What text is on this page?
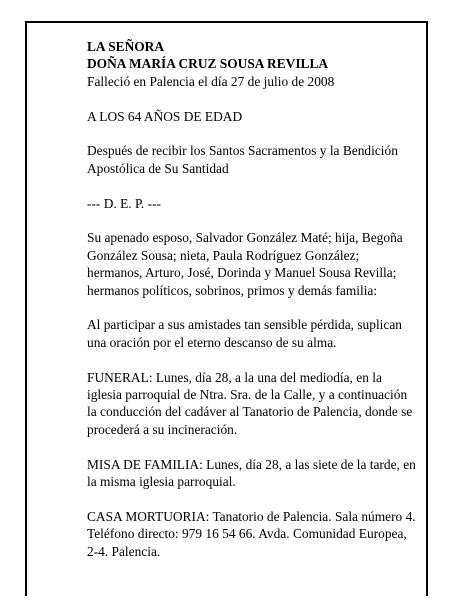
LA SEÑORA

DOÑA MARÍA CRUZ SOUSA REVILLA

Falleció en Palencia el día 27 de julio de 2008

A LOS 64 AÑOS DE EDAD

Después de recibir los Santos Sacramentos y la Bendición Apostólica de Su Santidad

--- D. E. P. ---

Su apenado esposo, Salvador González Maté; hija, Begoña González Sousa; nieta, Paula Rodríguez González; hermanos, Arturo, José, Dorinda y Manuel Sousa Revilla; hermanos políticos, sobrinos, primos y demás familia:

Al participar a sus amistades tan sensible pérdida, suplican una oración por el eterno descanso de su alma.

FUNERAL: Lunes, día 28, a la una del mediodía, en la iglesia parroquial de Ntra. Sra. de la Calle, y a continuación la conducción del cadáver al Tanatorio de Palencia, donde se procederá a su incineración.

MISA DE FAMILIA: Lunes, día 28, a las siete de la tarde, en la misma iglesia parroquial.

CASA MORTUORIA: Tanatorio de Palencia. Sala número 4. Teléfono directo: 979 16 54 66. Avda. Comunidad Europea, 2-4. Palencia.
